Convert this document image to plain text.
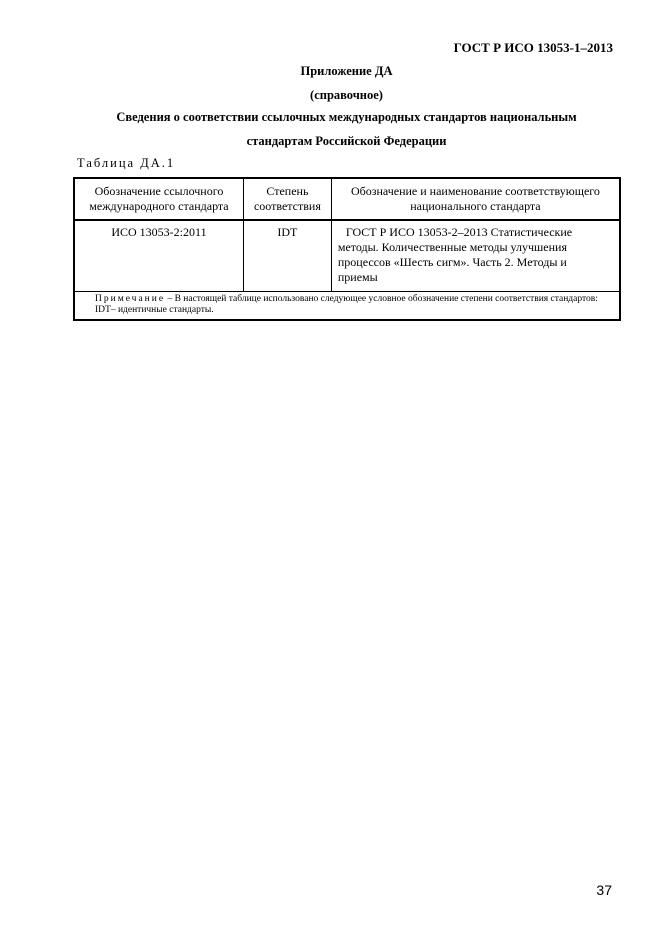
ГОСТ Р ИСО 13053-1–2013
Приложение ДА
(справочное)
Сведения о соответствии ссылочных международных стандартов национальным
стандартам Российской Федерации
Таблица ДА.1
Обозначение ссылочного международного стандарта	Степень соответствия	Обозначение и наименование соответствующего национального стандарта
ИСО 13053-2:2011	IDT	ГОСТ Р ИСО 13053-2–2013 Статистические методы. Количественные методы улучшения процессов «Шесть сигм». Часть 2. Методы и приемы
Примечание – В настоящей таблице использовано следующее условное обозначение степени соответствия стандартов:
IDT– идентичные стандарты.		
37
